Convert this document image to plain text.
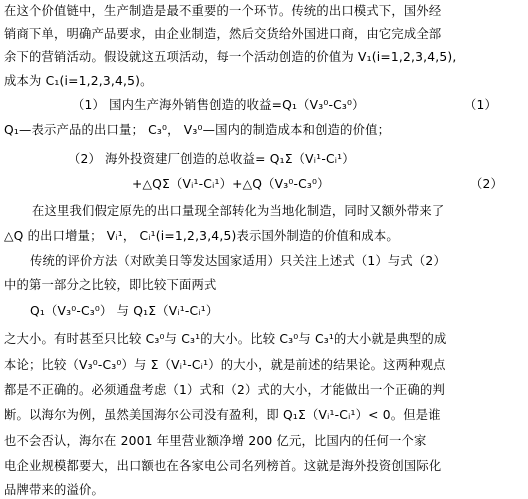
在这个价值链中，生产制造是最不重要的一个环节。传统的出口模式下，国外经
销商下单，明确产品要求，由企业制造，然后交货给外国进口商，由它完成全部
余下的营销活动。假设就这五项活动，每一个活动创造的价值为 V₁(i=1,2,3,4,5),
成本为 C₁(i=1,2,3,4,5)。
（1） 国内生产海外销售创造的收益=Q₁（V₃⁰-C₃⁰）	（1）
Q₁—表示产品的出口量； C₃⁰， V₃⁰—国内的制造成本和创造的价值；
（2） 海外投资建厂创造的总收益= Q₁Σ（Vᵢ¹-Cᵢ¹）
+△QΣ（Vᵢ¹-Cᵢ¹）+△Q（V₃⁰-C₃⁰）	（2）
在这里我们假定原先的出口量现全部转化为当地化制造，同时又额外带来了
△Q 的出口增量； Vᵢ¹， Cᵢ¹(i=1,2,3,4,5)表示国外制造的价值和成本。
传统的评价方法（对欧美日等发达国家适用）只关注上述式（1）与式（2）
中的第一部分之比较，即比较下面两式
Q₁（V₃⁰-C₃⁰） 与 Q₁Σ（Vᵢ¹-Cᵢ¹）
之大小。有时甚至只比较 C₃⁰与 C₃¹的大小。比较 C₃⁰与 C₃¹的大小就是典型的成
本论；比较（V₃⁰-C₃⁰）与 Σ（Vᵢ¹-Cᵢ¹）的大小，就是前述的结果论。这两种观点
都是不正确的。必须通盘考虑（1）式和（2）式的大小，才能做出一个正确的判
断。以海尔为例，虽然美国海尔公司没有盈利，即 Q₁Σ（Vᵢ¹-Cᵢ¹）< 0。但是谁
也不会否认，海尔在 2001 年里营业额净增 200 亿元，比国内的任何一个家
电企业规模都要大，出口额也在各家电公司名列榜首。这就是海外投资创国际化
品牌带来的溢价。
